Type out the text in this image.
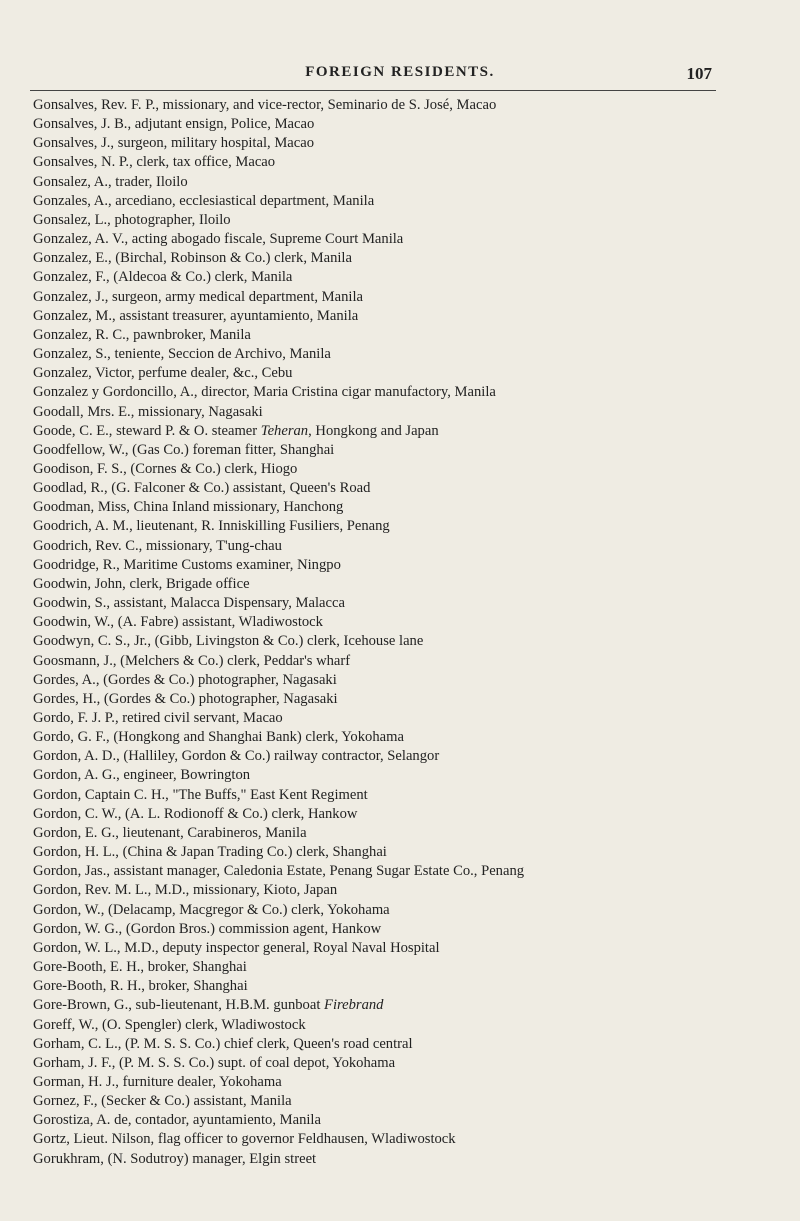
FOREIGN RESIDENTS.	107
Gonsalves, Rev. F. P., missionary, and vice-rector, Seminario de S. José, Macao
Gonsalves, J. B., adjutant ensign, Police, Macao
Gonsalves, J., surgeon, military hospital, Macao
Gonsalves, N. P., clerk, tax office, Macao
Gonsalez, A., trader, Iloilo
Gonzales, A., arcediano, ecclesiastical department, Manila
Gonsalez, L., photographer, Iloilo
Gonzalez, A. V., acting abogado fiscale, Supreme Court Manila
Gonzalez, E., (Birchal, Robinson & Co.) clerk, Manila
Gonzalez, F., (Aldecoa & Co.) clerk, Manila
Gonzalez, J., surgeon, army medical department, Manila
Gonzalez, M., assistant treasurer, ayuntamiento, Manila
Gonzalez, R. C., pawnbroker, Manila
Gonzalez, S., teniente, Seccion de Archivo, Manila
Gonzalez, Victor, perfume dealer, &c., Cebu
Gonzalez y Gordoncillo, A., director, Maria Cristina cigar manufactory, Manila
Goodall, Mrs. E., missionary, Nagasaki
Goode, C. E., steward P. & O. steamer Teheran, Hongkong and Japan
Goodfellow, W., (Gas Co.) foreman fitter, Shanghai
Goodison, F. S., (Cornes & Co.) clerk, Hiogo
Goodlad, R., (G. Falconer & Co.) assistant, Queen's Road
Goodman, Miss, China Inland missionary, Hanchong
Goodrich, A. M., lieutenant, R. Inniskilling Fusiliers, Penang
Goodrich, Rev. C., missionary, T'ung-chau
Goodridge, R., Maritime Customs examiner, Ningpo
Goodwin, John, clerk, Brigade office
Goodwin, S., assistant, Malacca Dispensary, Malacca
Goodwin, W., (A. Fabre) assistant, Wladiwostock
Goodwyn, C. S., Jr., (Gibb, Livingston & Co.) clerk, Icehouse lane
Goosmann, J., (Melchers & Co.) clerk, Peddar's wharf
Gordes, A., (Gordes & Co.) photographer, Nagasaki
Gordes, H., (Gordes & Co.) photographer, Nagasaki
Gordo, F. J. P., retired civil servant, Macao
Gordo, G. F., (Hongkong and Shanghai Bank) clerk, Yokohama
Gordon, A. D., (Halliley, Gordon & Co.) railway contractor, Selangor
Gordon, A. G., engineer, Bowrington
Gordon, Captain C. H., "The Buffs," East Kent Regiment
Gordon, C. W., (A. L. Rodionoff & Co.) clerk, Hankow
Gordon, E. G., lieutenant, Carabineros, Manila
Gordon, H. L., (China & Japan Trading Co.) clerk, Shanghai
Gordon, Jas., assistant manager, Caledonia Estate, Penang Sugar Estate Co., Penang
Gordon, Rev. M. L., M.D., missionary, Kioto, Japan
Gordon, W., (Delacamp, Macgregor & Co.) clerk, Yokohama
Gordon, W. G., (Gordon Bros.) commission agent, Hankow
Gordon, W. L., M.D., deputy inspector general, Royal Naval Hospital
Gore-Booth, E. H., broker, Shanghai
Gore-Booth, R. H., broker, Shanghai
Gore-Brown, G., sub-lieutenant, H.B.M. gunboat Firebrand
Goreff, W., (O. Spengler) clerk, Wladiwostock
Gorham, C. L., (P. M. S. S. Co.) chief clerk, Queen's road central
Gorham, J. F., (P. M. S. S. Co.) supt. of coal depot, Yokohama
Gorman, H. J., furniture dealer, Yokohama
Gornez, F., (Secker & Co.) assistant, Manila
Gorostiza, A. de, contador, ayuntamiento, Manila
Gortz, Lieut. Nilson, flag officer to governor Feldhausen, Wladiwostock
Gorukhram, (N. Sodutroy) manager, Elgin street
